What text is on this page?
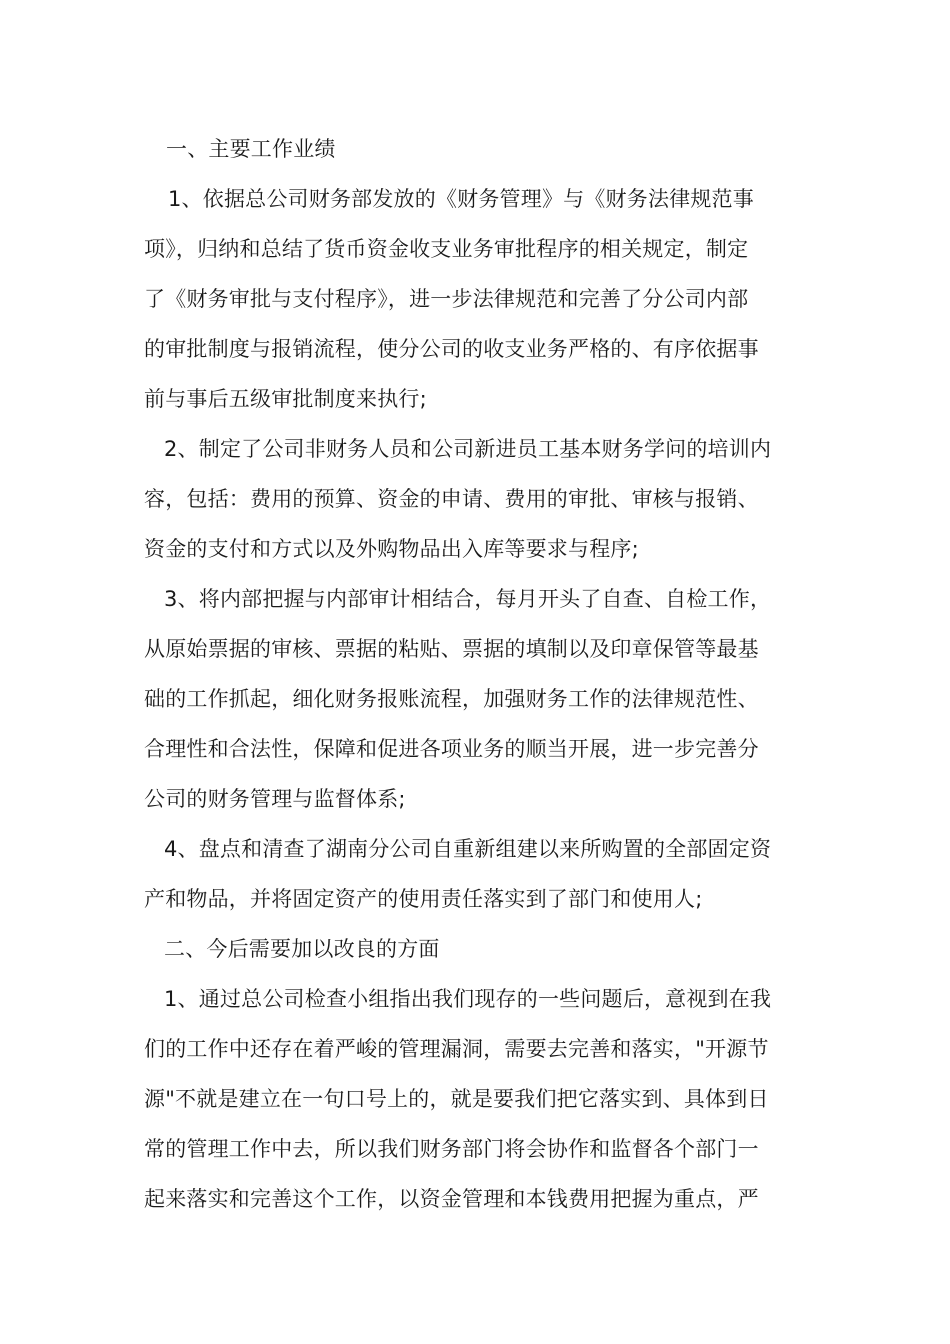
一、主要工作业绩
1、依据总公司财务部发放的《财务管理》与《财务法律规范事
项》，归纳和总结了货币资金收支业务审批程序的相关规定，制定
了《财务审批与支付程序》，进一步法律规范和完善了分公司内部
的审批制度与报销流程，使分公司的收支业务严格的、有序依据事
前与事后五级审批制度来执行;
2、制定了公司非财务人员和公司新进员工基本财务学问的培训内
容，包括：费用的预算、资金的申请、费用的审批、审核与报销、
资金的支付和方式以及外购物品出入库等要求与程序;
3、将内部把握与内部审计相结合，每月开头了自查、自检工作，
从原始票据的审核、票据的粘贴、票据的填制以及印章保管等最基
础的工作抓起，细化财务报账流程，加强财务工作的法律规范性、
合理性和合法性，保障和促进各项业务的顺当开展，进一步完善分
公司的财务管理与监督体系;
4、盘点和清查了湖南分公司自重新组建以来所购置的全部固定资
产和物品，并将固定资产的使用责任落实到了部门和使用人;
二、今后需要加以改良的方面
1、通过总公司检查小组指出我们现存的一些问题后，意视到在我
们的工作中还存在着严峻的管理漏洞，需要去完善和落实，"开源节
源"不就是建立在一句口号上的，就是要我们把它落实到、具体到日
常的管理工作中去，所以我们财务部门将会协作和监督各个部门一
起来落实和完善这个工作，以资金管理和本钱费用把握为重点，严
